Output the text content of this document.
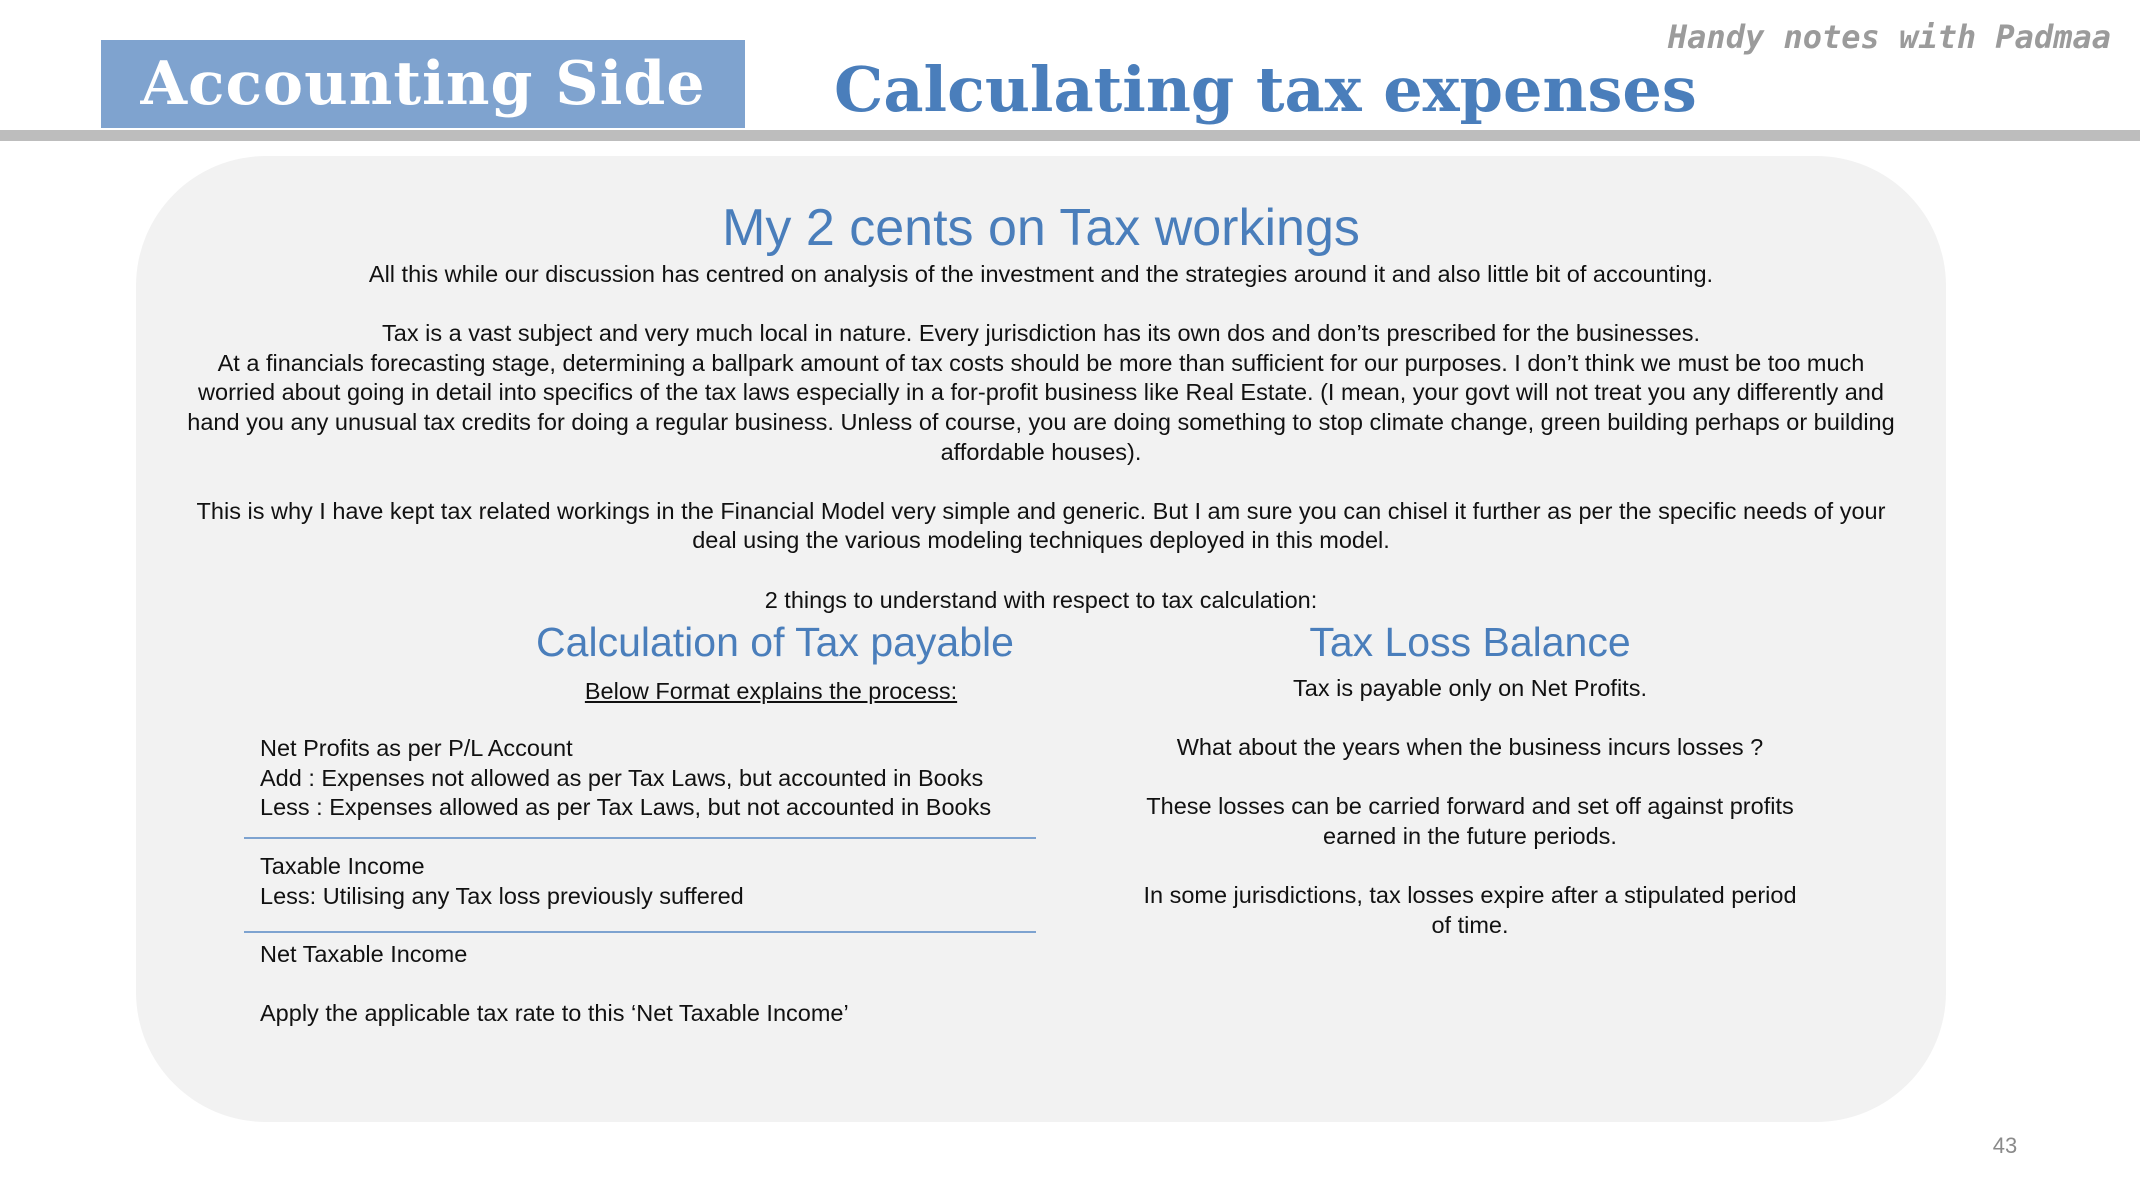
Accounting Side	Calculating tax expenses
Handy notes with Padmaa
My 2 cents on Tax workings

All this while our discussion has centred on analysis of the investment and the strategies around it and also little bit of accounting.

Tax is a vast subject and very much local in nature. Every jurisdiction has its own dos and don’ts prescribed for the businesses.

At a financials forecasting stage, determining a ballpark amount of tax costs should be more than sufficient for our purposes. I don’t think we must be too much worried about going in detail into specifics of the tax laws especially in a for-profit business like Real Estate. (I mean, your govt will not treat you any differently and hand you any unusual tax credits for doing a regular business. Unless of course, you are doing something to stop climate change, green building perhaps or building affordable houses).

This is why I have kept tax related workings in the Financial Model very simple and generic. But I am sure you can chisel it further as per the specific needs of your deal using the various modeling techniques deployed in this model.

2 things to understand with respect to tax calculation:

Calculation of Tax payable
Below Format explains the process:
Net Profits as per P/L Account
Add : Expenses not allowed as per Tax Laws, but accounted in Books
Less : Expenses allowed as per Tax Laws, but not accounted in Books
Taxable Income
Less: Utilising any Tax loss previously suffered
Net Taxable Income
Apply the applicable tax rate to this ‘Net Taxable Income’
Tax Loss Balance

Tax is payable only on Net Profits.

What about the years when the business incurs losses ?

These losses can be carried forward and set off against profits earned in the future periods.

In some jurisdictions, tax losses expire after a stipulated period of time.

43
